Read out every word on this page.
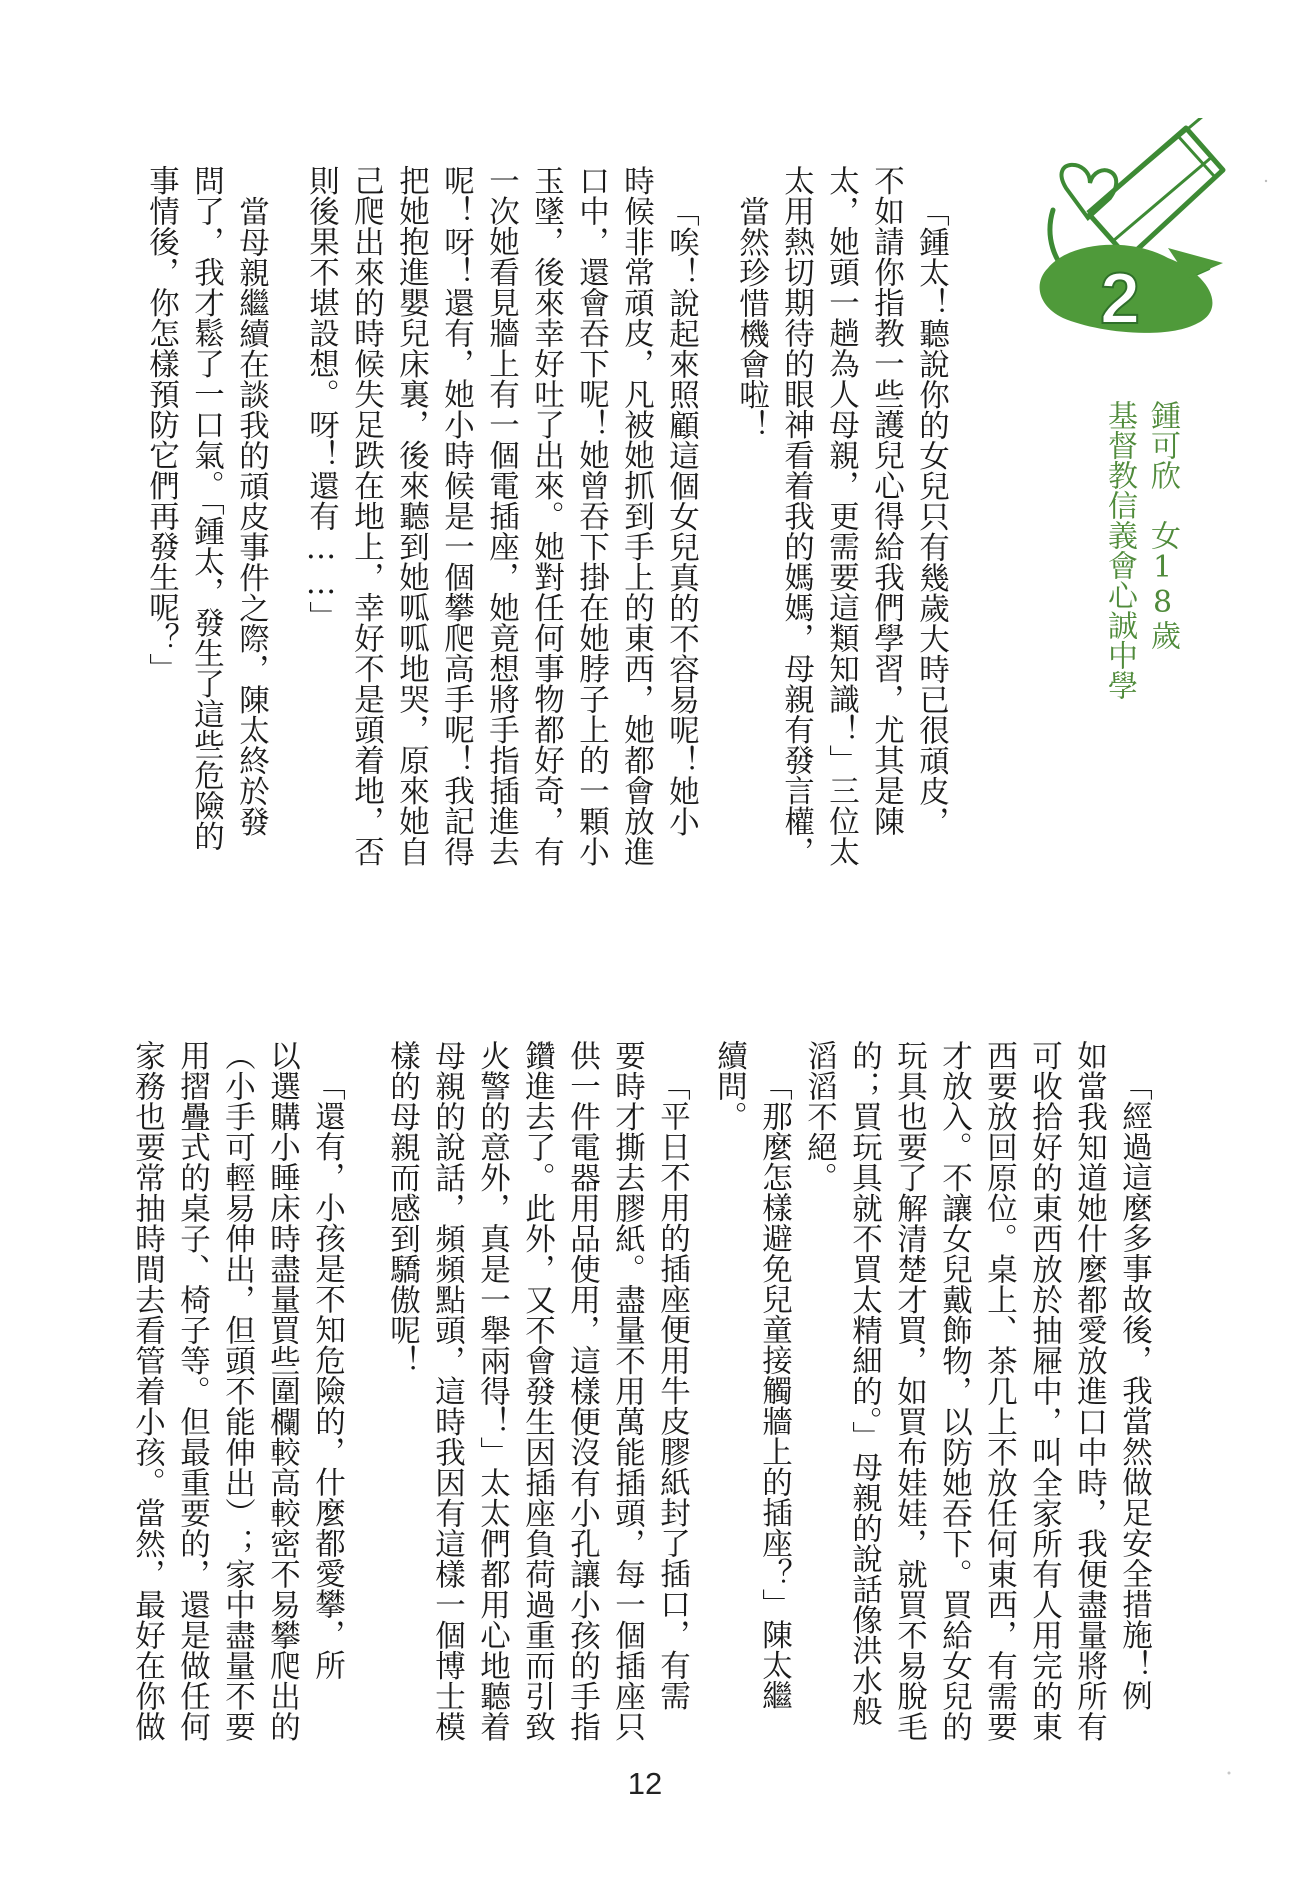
2
鍾可欣　女18歲
基督教信義會心誠中學
「鍾太！聽說你的女兒只有幾歲大時已很頑皮，
不如請你指教一些護兒心得給我們學習，尤其是陳
太，她頭一趟為人母親，更需要這類知識！」三位太
太用熱切期待的眼神看着我的媽媽，母親有發言權，
當然珍惜機會啦！
「唉！說起來照顧這個女兒真的不容易呢！她小
時候非常頑皮，凡被她抓到手上的東西，她都會放進
口中，還會吞下呢！她曾吞下掛在她脖子上的一顆小
玉墜，後來幸好吐了出來。她對任何事物都好奇，有
一次她看見牆上有一個電插座，她竟想將手指插進去
呢！呀！還有，她小時候是一個攀爬高手呢！我記得
把她抱進嬰兒床裏，後來聽到她呱呱地哭，原來她自
己爬出來的時候失足跌在地上，幸好不是頭着地，否
則後果不堪設想。呀！還有……」
當母親繼續在談我的頑皮事件之際，陳太終於發
問了，我才鬆了一口氣。「鍾太，發生了這些危險的
事情後，你怎樣預防它們再發生呢？」
「經過這麼多事故後，我當然做足安全措施！例
如當我知道她什麼都愛放進口中時，我便盡量將所有
可收拾好的東西放於抽屜中，叫全家所有人用完的東
西要放回原位。桌上、茶几上不放任何東西，有需要
才放入。不讓女兒戴飾物，以防她吞下。買給女兒的
玩具也要了解清楚才買，如買布娃娃，就買不易脫毛
的；買玩具就不買太精細的。」母親的說話像洪水般
滔滔不絕。
「那麼怎樣避免兒童接觸牆上的插座？」陳太繼
續問。
「平日不用的插座便用牛皮膠紙封了插口，有需
要時才撕去膠紙。盡量不用萬能插頭，每一個插座只
供一件電器用品使用，這樣便沒有小孔讓小孩的手指
鑽進去了。此外，又不會發生因插座負荷過重而引致
火警的意外，真是一舉兩得！」太太們都用心地聽着
母親的說話，頻頻點頭，這時我因有這樣一個博士模
樣的母親而感到驕傲呢！
「還有，小孩是不知危險的，什麼都愛攀，所
以選購小睡床時盡量買些圍欄較高較密不易攀爬出的
（小手可輕易伸出，但頭不能伸出）；家中盡量不要
用摺疊式的桌子、椅子等。但最重要的，還是做任何
家務也要常抽時間去看管着小孩。當然，最好在你做
12
